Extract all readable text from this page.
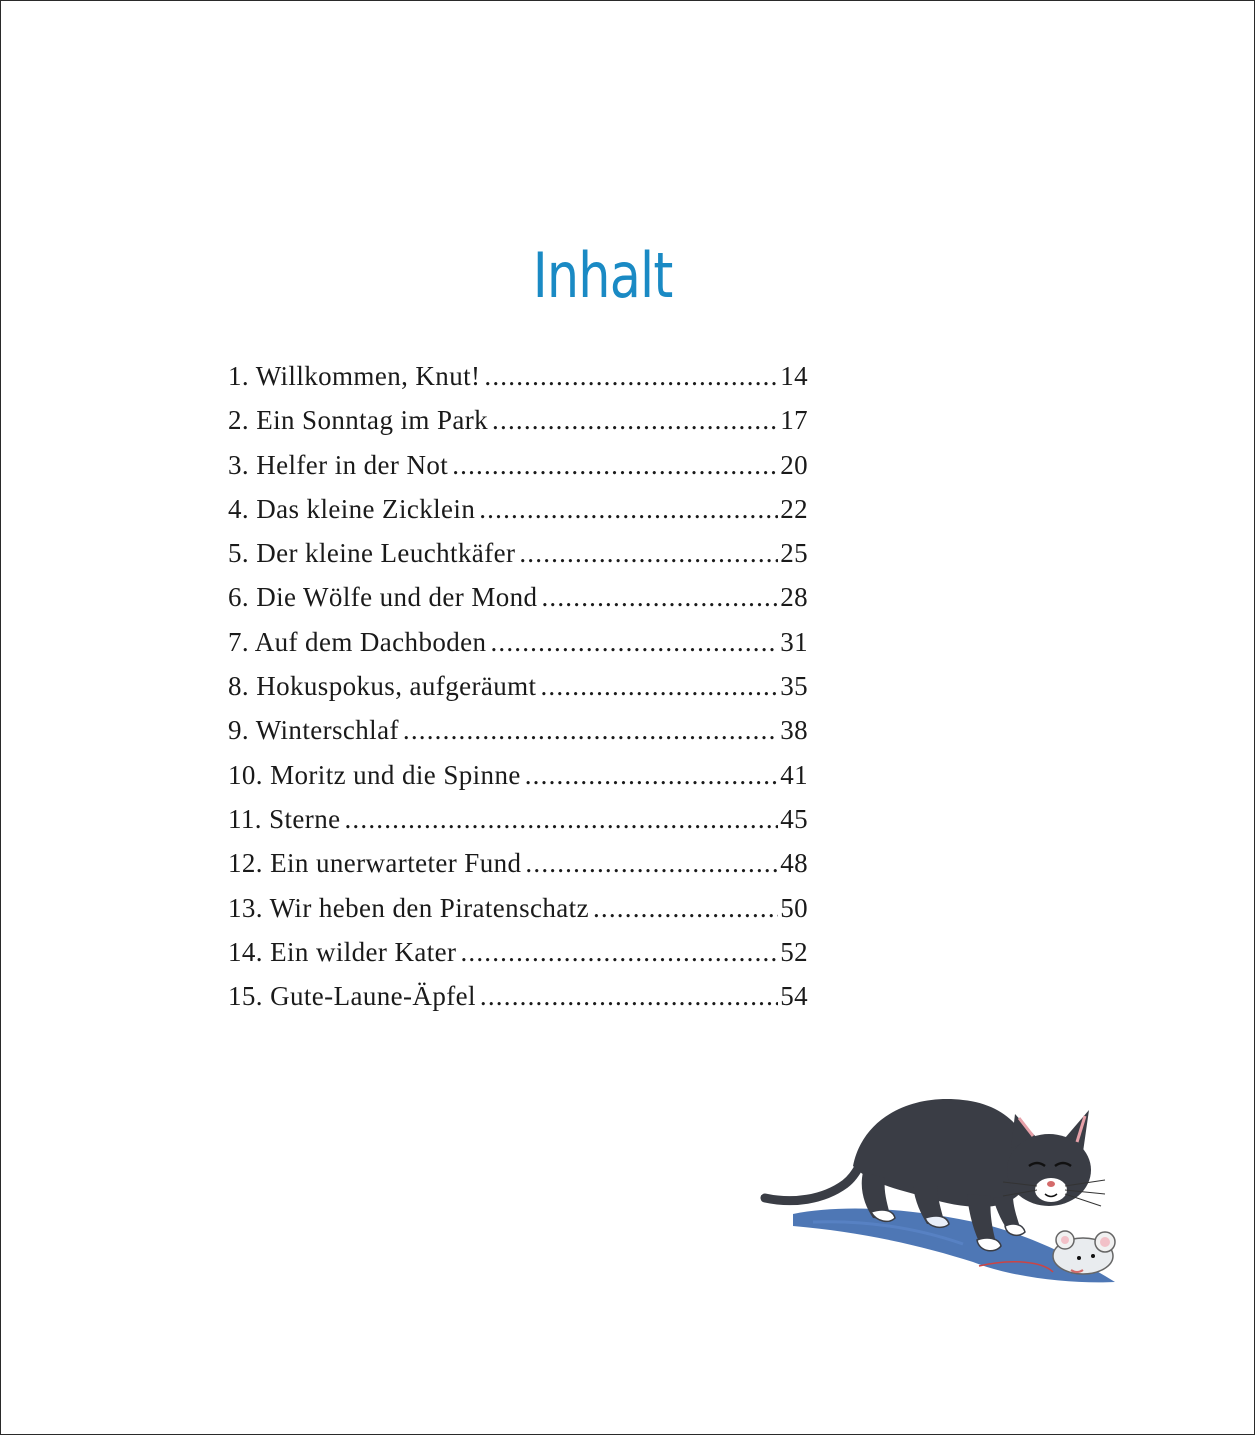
Inhalt
1. Willkommen, Knut! .....	14
2. Ein Sonntag im Park .....	17
3. Helfer in der Not .....	20
4. Das kleine Zicklein .....	22
5. Der kleine Leuchtkäfer .....	25
6. Die Wölfe und der Mond .....	28
7. Auf dem Dachboden .....	31
8. Hokuspokus, aufgeräumt .....	35
9. Winterschlaf .....	38
10. Moritz und die Spinne .....	41
11. Sterne .....	45
12. Ein unerwarteter Fund .....	48
13. Wir heben den Piratenschatz .....	50
14. Ein wilder Kater .....	52
15. Gute-Laune-Äpfel .....	54
